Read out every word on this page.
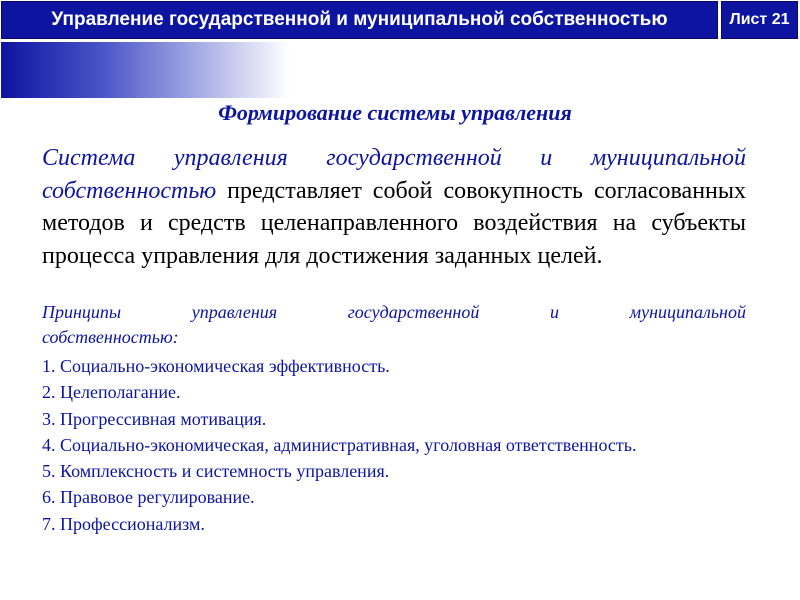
Управление государственной и муниципальной собственностью	Лист 21
Формирование системы управления

Система управления государственной и муниципальной собственностью представляет собой совокупность согласованных методов и средств целенаправленного воздействия на субъекты процесса управления для достижения заданных целей.

Принципы	управления	государственной	и	муниципальной
собственностью:
1. Социально-экономическая эффективность.
2. Целеполагание.
3. Прогрессивная мотивация.
4. Социально-экономическая, административная, уголовная ответственность.
5. Комплексность и системность управления.
6. Правовое регулирование.
7. Профессионализм.
